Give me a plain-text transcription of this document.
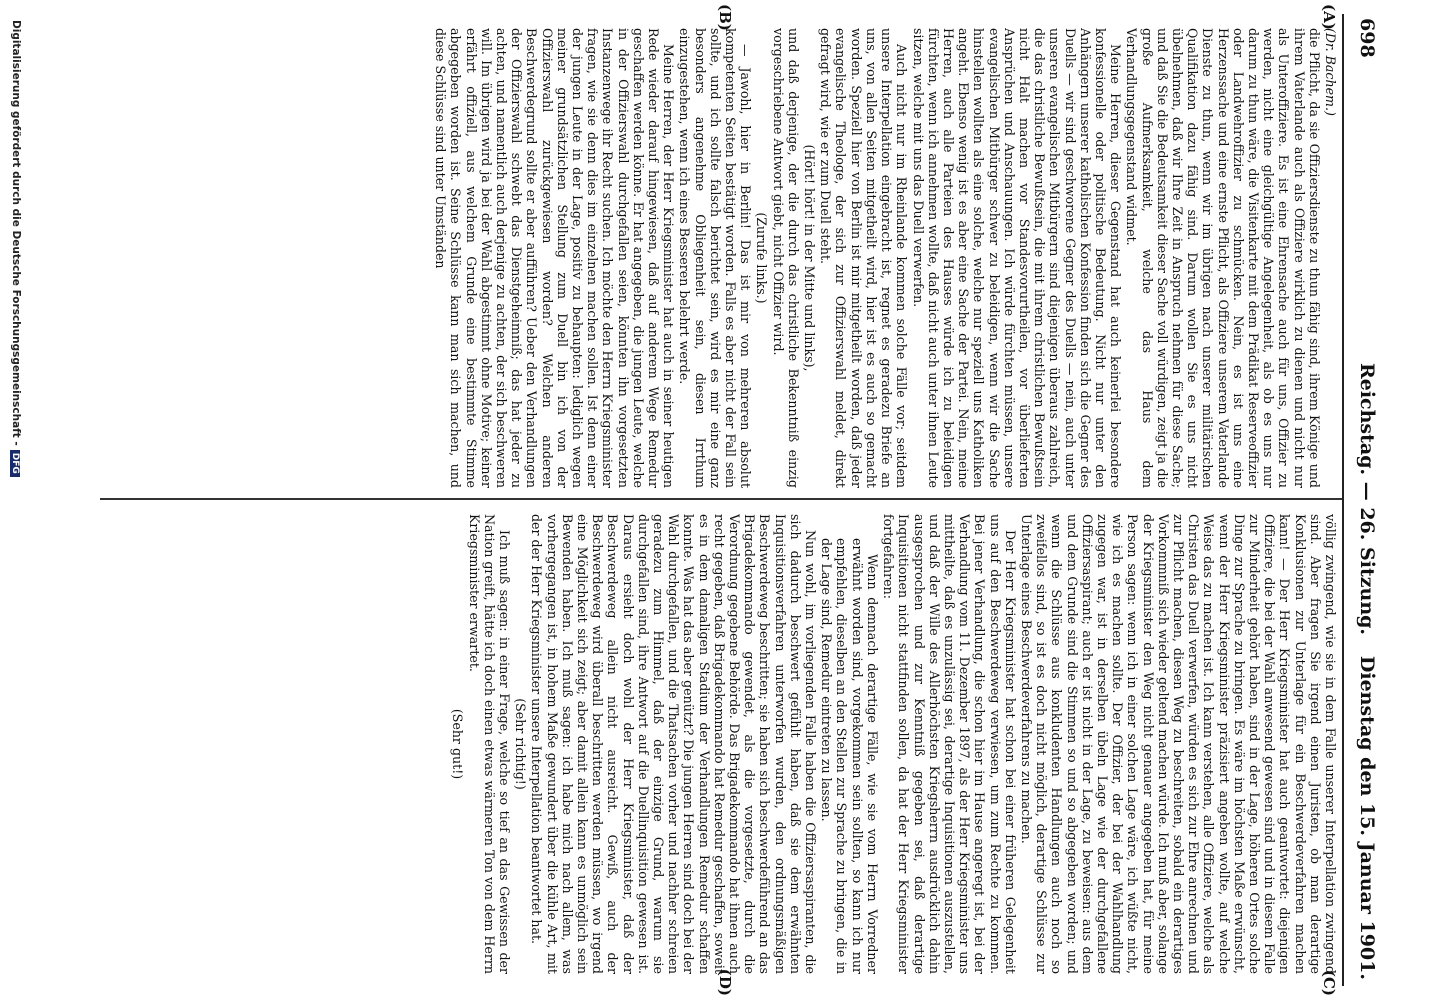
698
Reichstag. — 26. Sitzung.
Dienstag den 15. Januar 1901.
(A)
(B)
(C)
(D)

(Dr. Bachem.)

die Pflicht, da sie Offiziersdienste zu thun fähig sind, ihrem Könige und ihrem Vaterlande auch als Offiziere wirklich zu dienen und nicht nur als Unteroffiziere. Es ist eine Ehrensache auch für uns, Offizier zu werden, nicht eine gleichgültige Angelegenheit, als ob es uns nur darum zu thun wäre, die Visitenkarte mit dem Prädikat Reserveoffizier oder Landwehroffizier zu schmücken. Nein, es ist uns eine Herzenssache und eine ernste Pflicht, als Offiziere unserem Vaterlande Dienste zu thun, wenn wir im übrigen nach unserer militärischen Qualifikation dazu fähig sind. Darum wollen Sie es uns nicht übelnehmen, daß wir Ihre Zeit in Anspruch nehmen für diese Sache; und daß Sie die Bedeutsamkeit dieser Sache voll würdigen, zeigt ja die große Aufmerksamkeit, welche das Haus dem Verhandlungsgegenstand widmet.

Meine Herren, dieser Gegenstand hat auch keinerlei besondere konfessionelle oder politische Bedeutung. Nicht nur unter den Anhängern unserer katholischen Konfession finden sich die Gegner des Duells — wir sind geschworene Gegner des Duells — nein, auch unter unseren evangelischen Mitbürgern sind diejenigen überaus zahlreich, die das christliche Bewußtsein, die mit ihrem christlichen Bewußtsein nicht Halt machen vor Standesvorurtheilen, vor überlieferten Ansprüchen und Anschauungen. Ich würde fürchten müssen, unsere evangelischen Mitbürger schwer zu beleidigen, wenn wir die Sache hinstellen wollten als eine solche, welche nur speziell uns Katholiken angeht. Ebenso wenig ist es aber eine Sache der Partei. Nein, meine Herren, auch alle Parteien des Hauses würde ich zu beleidigen fürchten, wenn ich annehmen wollte, daß nicht auch unter ihnen Leute sitzen, welche mit uns das Duell verwerfen.

Auch nicht nur im Rheinlande kommen solche Fälle vor; seitdem unsere Interpellation eingebracht ist, regnet es geradezu Briefe an uns, von allen Seiten mitgetheilt wird, hier ist es auch so gemacht worden. Speziell hier von Berlin ist mir mitgetheilt worden, daß jeder evangelische Theologe, der sich zur Offizierswahl meldet, direkt gefragt wird, wie er zum Duell steht.

(Hört! hört! in der Mitte und links),

und daß derjenige, der die durch das christliche Bekenntniß einzig vorgeschriebene Antwort giebt, nicht Offizier wird.

(Zurufe links.)

— Jawohl, hier in Berlin! Das ist mir von mehreren absolut kompetenten Seiten bestätigt worden. Falls es aber nicht der Fall sein sollte, und ich sollte falsch berichtet sein, wird es mir eine ganz besonders angenehme Obliegenheit sein, diesen Irrthum einzugestehen, wenn ich eines Besseren belehrt werde.

Meine Herren, der Herr Kriegsminister hat auch in seiner heutigen Rede wieder darauf hingewiesen, daß auf anderem Wege Remedur geschaffen werden könne. Er hat angegeben, die jungen Leute, welche in der Offizierswahl durchgefallen seien, könnten ihn vorgesetzten Instanzenwege ihr Recht suchen. Ich möchte den Herrn Kriegsminister fragen, wie sie denn dies im einzelnen machen sollen. Ist denn einer der jungen Leute in der Lage, positiv zu behaupten: lediglich wegen meiner grundsätzlichen Stellung zum Duell bin ich von der Offizierswahl zurückgewiesen worden? Welchen anderen Beschwerdegrund sollte er aber aufführen? Ueber den Verhandlungen der Offizierswahl schwebt das Dienstgeheimniß; das hat jeder zu achten, und namentlich auch derjenige zu achten, der sich beschweren will. Im übrigen wird ja bei der Wahl abgestimmt ohne Motive; keiner erfährt offiziell, aus welchem Grunde eine bestimmte Stimme abgegeben worden ist. Seine Schlüsse kann man sich machen, und diese Schlüsse sind unter Umständen

völlig zwingend, wie sie in dem Falle unserer Interpellation zwingend sind. Aber fragen Sie irgend einen Juristen, ob man derartige Konklusionen zur Unterlage für ein Beschwerdeverfahren machen kann! — Der Herr Kriegsminister hat auch geantwortet: diejenigen Offiziere, die bei der Wahl anwesend gewesen sind und in diesem Falle zur Minderheit gehört haben, sind in der Lage, höheren Ortes solche Dinge zur Sprache zu bringen. Es wäre im höchsten Maße erwünscht, wenn der Herr Kriegsminister präzisiert angeben wollte, auf welche Weise das zu machen ist. Ich kann verstehen, alle Offiziere, welche als Christen das Duell verwerfen, würden es sich zur Ehre anrechnen und zur Pflicht machen, diesen Weg zu beschreiten, sobald ein derartiges Vorkommniß sich wieder geltend machen würde. Ich muß aber, solange der Kriegsminister den Weg nicht genauer angegeben hat, für meine Person sagen: wenn ich in einer solchen Lage wäre, ich wüßte nicht, wie ich es machen sollte. Der Offizier, der bei der Wahlhandlung zugegen war, ist in derselben übeln Lage wie der durchgefallene Offiziersaspirant; auch er ist nicht in der Lage, zu beweisen: aus dem und dem Grunde sind die Stimmen so und so abgegeben worden; und wenn die Schlüsse aus konkludenten Handlungen auch noch so zweifellos sind, so ist es doch nicht möglich, derartige Schlüsse zur Unterlage eines Beschwerdeverfahrens zu machen.

Der Herr Kriegsminister hat schon bei einer früheren Gelegenheit uns auf den Beschwerdeweg verwiesen, um zum Rechte zu kommen. Bei jener Verhandlung, die schon hier im Hause angeregt ist, bei der Verhandlung vom 11. Dezember 1897, als der Herr Kriegsminister uns mittheilte, daß es unzulässig sei, derartige Inquisitionen auszustellen, und daß der Wille des Allerhöchsten Kriegsherrn ausdrücklich dahin ausgesprochen und zur Kenntniß gegeben sei, daß derartige Inquisitionen nicht stattfinden sollen, da hat der Herr Kriegsminister fortgefahren:

Wenn demnach derartige Fälle, wie sie vom Herrn Vorredner erwähnt worden sind, vorgekommen sein sollten, so kann ich nur empfehlen, dieselben an den Stellen zur Sprache zu bringen, die in der Lage sind, Remedur eintreten zu lassen.

Nun wohl, im vorliegenden Falle haben die Offiziersaspiranten, die sich dadurch beschwert gefühlt haben, daß sie dem erwähnten Inquisitionsverfahren unterworfen wurden, den ordnungsmäßigen Beschwerdeweg beschritten; sie haben sich beschwerdeführend an das Brigadekommando gewendet, als die vorgesetzte, durch die Verordnung gegebene Behörde. Das Brigadekommando hat ihnen auch recht gegeben, daß Brigadekommando hat Remedur geschaffen, soweit es in dem damaligen Stadium der Verhandlungen Remedur schaffen konnte. Was hat das aber genützt? Die jungen Herren sind doch bei der Wahl durchgefallen, und die Thatsachen vorher und nachher schreien geradezu zum Himmel, daß der einzige Grund, warum sie durchgefallen sind, ihre Antwort auf die Duellinquisition gewesen ist. Daraus ersieht doch wohl der Herr Kriegsminister, daß der Beschwerdeweg allein nicht ausreicht. Gewiß, auch der Beschwerdeweg wird überall beschritten werden müssen, wo irgend eine Möglichkeit sich zeigt; aber damit allein kann es unmöglich sein Bewenden haben. Ich muß sagen: ich habe mich nach allem, was vorhergegangen ist, in hohem Maße gewundert über die kühle Art, mit der der Herr Kriegsminister unsere Interpellation beantwortet hat.

(Sehr richtig!)

Ich muß sagen: in einer Frage, welche so tief an das Gewissen der Nation greift, hätte ich doch einen etwas wärmeren Ton von dem Herrn Kriegsminister erwartet.

(Sehr gut!)

Digitalisierung gefördert durch die Deutsche Forschungsgemeinschaft -DFG
